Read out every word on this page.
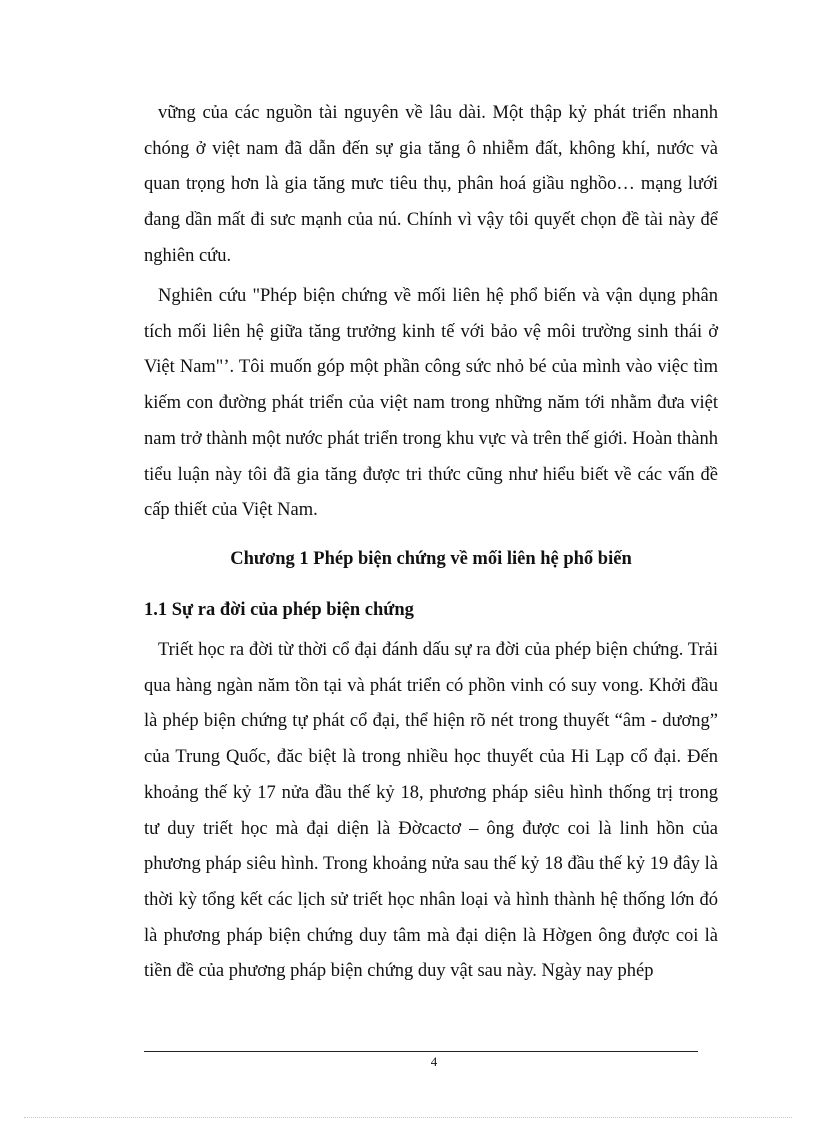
vững của các nguồn tài nguyên về lâu dài. Một thập kỷ phát triển nhanh chóng ở việt nam đã dẫn đến sự gia tăng ô nhiễm đất, không khí, nước và quan trọng hơn là gia tăng mưc tiêu thụ, phân hoá giầu nghồo… mạng lưới đang dần mất đi sưc mạnh của nú. Chính vì vậy tôi quyết chọn đề tài này để nghiên cứu.

Nghiên cứu "Phép biện chứng về mối liên hệ phổ biến và vận dụng phân tích mối liên hệ giữa tăng trưởng kinh tế với bảo vệ môi trường sinh thái ở Việt Nam"’. Tôi muốn góp một phần công sức nhỏ bé của mình vào việc tìm kiếm con đường phát triển của việt nam trong những năm tới nhằm đưa việt nam trở thành một nước phát triển trong khu vực và trên thế giới. Hoàn thành tiểu luận này tôi đã gia tăng được tri thức cũng như hiểu biết về các vấn đề cấp thiết của Việt Nam.

Chương 1 Phép biện chứng về mối liên hệ phổ biến
1.1 Sự ra đời của phép biện chứng

Triết học ra đời từ thời cổ đại đánh dấu sự ra đời của phép biện chứng. Trải qua hàng ngàn năm tồn tại và phát triển có phồn vinh có suy vong. Khởi đầu là phép biện chứng tự phát cổ đại, thể hiện rõ nét trong thuyết “âm - dương” của Trung Quốc, đăc biệt là trong nhiều học thuyết của Hi Lạp cổ đại. Đến khoảng thế kỷ 17 nửa đầu thế kỷ 18, phương pháp siêu hình thống trị trong tư duy triết học mà đại diện là Đờcactơ – ông được coi là linh hồn của phương pháp siêu hình. Trong khoảng nửa sau thế kỷ 18 đầu thế kỷ 19 đây là thời kỳ tổng kết các lịch sử triết học nhân loại và hình thành hệ thống lớn đó là phương pháp biện chứng duy tâm mà đại diện là Hờgen ông được coi là tiền đề của phương pháp biện chứng duy vật sau này. Ngày nay phép

4
